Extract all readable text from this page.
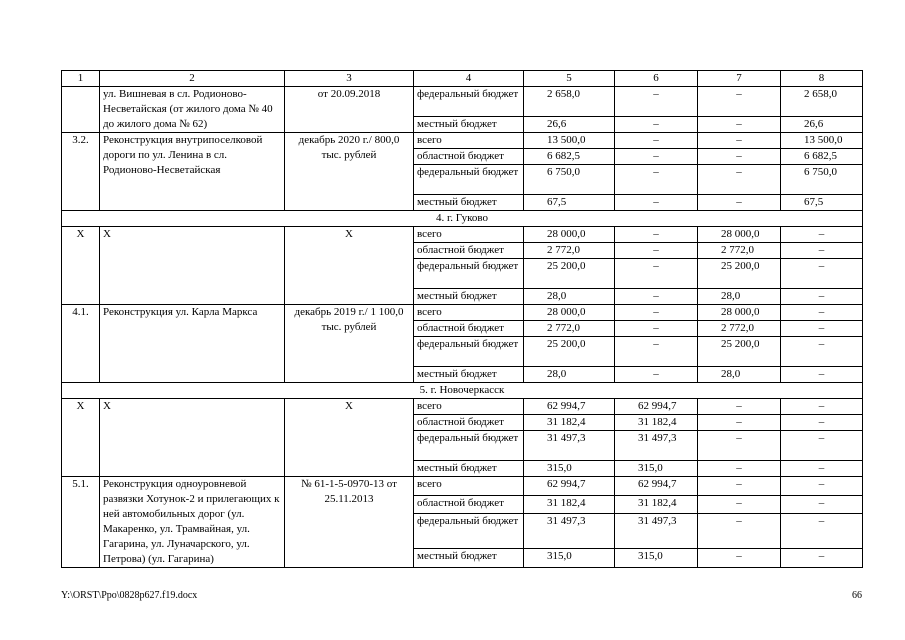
1	2	3	4	5	6	7	8
	ул. Вишневая в сл. Родионово-Несветайская (от жилого дома № 40 до жилого дома № 62)	от 20.09.2018	федеральный бюджет	2 658,0	–	–	2 658,0
			местный бюджет	26,6	–	–	26,6
3.2.	Реконструкция внутрипоселковой дороги по ул. Ленина в сл. Родионово-Несветайская	декабрь 2020 г./ 800,0 тыс. рублей	всего	13 500,0	–	–	13 500,0
			областной бюджет	6 682,5	–	–	6 682,5
			федеральный бюджет	6 750,0	–	–	6 750,0
			местный бюджет	67,5	–	–	67,5
4. г. Гуково							
Х	Х	Х	всего	28 000,0	–	28 000,0	–
			областной бюджет	2 772,0	–	2 772,0	–
			федеральный бюджет	25 200,0	–	25 200,0	–
			местный бюджет	28,0	–	28,0	–
4.1.	Реконструкция ул. Карла Маркса	декабрь 2019 г./ 1 100,0 тыс. рублей	всего	28 000,0	–	28 000,0	–
			областной бюджет	2 772,0	–	2 772,0	–
			федеральный бюджет	25 200,0	–	25 200,0	–
			местный бюджет	28,0	–	28,0	–
5. г. Новочеркасск							
Х	Х	Х	всего	62 994,7	62 994,7	–	–
			областной бюджет	31 182,4	31 182,4	–	–
			федеральный бюджет	31 497,3	31 497,3	–	–
			местный бюджет	315,0	315,0	–	–
5.1.	Реконструкция одноуровневой развязки Хотунок-2 и прилегающих к ней автомобильных дорог (ул. Макаренко, ул. Трамвайная, ул. Гагарина, ул. Луначарского, ул. Петрова) (ул. Гагарина)	№ 61-1-5-0970-13 от 25.11.2013	всего	62 994,7	62 994,7	–	–
			областной бюджет	31 182,4	31 182,4	–	–
			федеральный бюджет	31 497,3	31 497,3	–	–
			местный бюджет	315,0	315,0	–	–
Y:\ORST\Ppo\0828p627.f19.docx	66
